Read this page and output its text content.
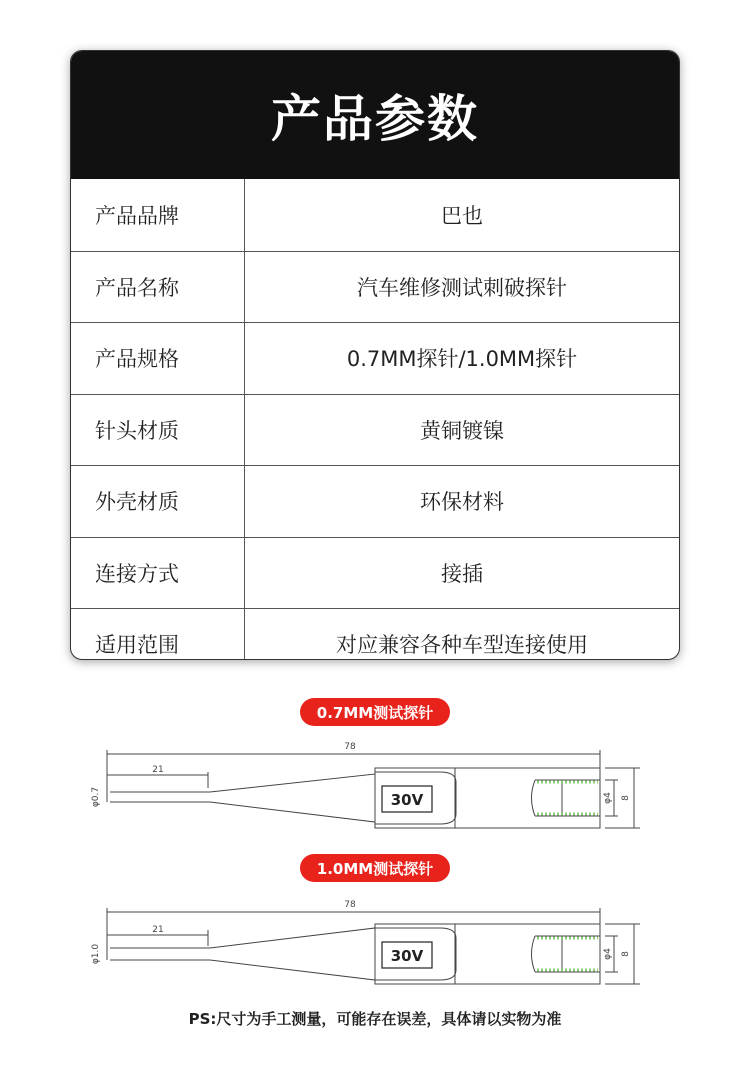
产品参数
产品品牌	巴也
产品名称	汽车维修测试刺破探针
产品规格	0.7MM探针/1.0MM探针
针头材质	黄铜镀镍
外壳材质	环保材料
连接方式	接插
适用范围	对应兼容各种车型连接使用
0.7MM测试探针
78
21
φ0.7	30V	φ4 8
1.0MM测试探针
78
21
φ1.0	30V	φ4 8
PS:尺寸为手工测量，可能存在误差，具体请以实物为准
